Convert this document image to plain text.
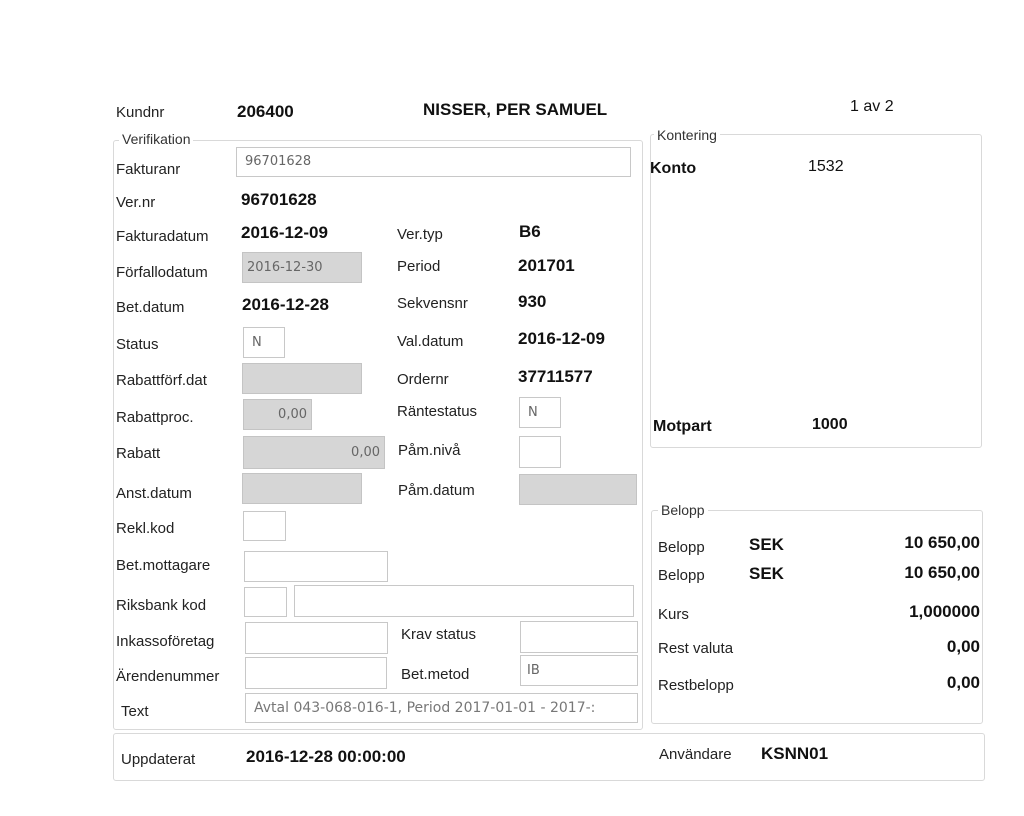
Kundnr	206400	NISSER, PER SAMUEL	1 av 2
Verifikation
Fakturanr	96701628
Ver.nr	96701628
Fakturadatum 2016-12-09	Ver.typ	B6
Förfallodatum	2016-12-30	Period	201701
Bet.datum	2016-12-28	Sekvensnr	930
Status	N	Val.datum	2016-12-09
Rabattförf.dat	Ordernr	37711577
Rabattproc.	0,00	Räntestatus	N
Rabatt	0,00	Påm.nivå
Anst.datum	Påm.datum
Rekl.kod
Bet.mottagare
Riksbank kod
Inkassoföretag	Krav status
Ärendenummer	Bet.metod	IB
Text	Avtal 043-068-016-1, Period 2017-01-01 - 2017-:
Kontering
Konto	1532
Motpart	1000
Belopp
Belopp	SEK	10 650,00
Belopp	SEK	10 650,00
Kurs	1,000000
Rest valuta	0,00
Restbelopp	0,00
Uppdaterat	2016-12-28 00:00:00	Användare KSNN01
